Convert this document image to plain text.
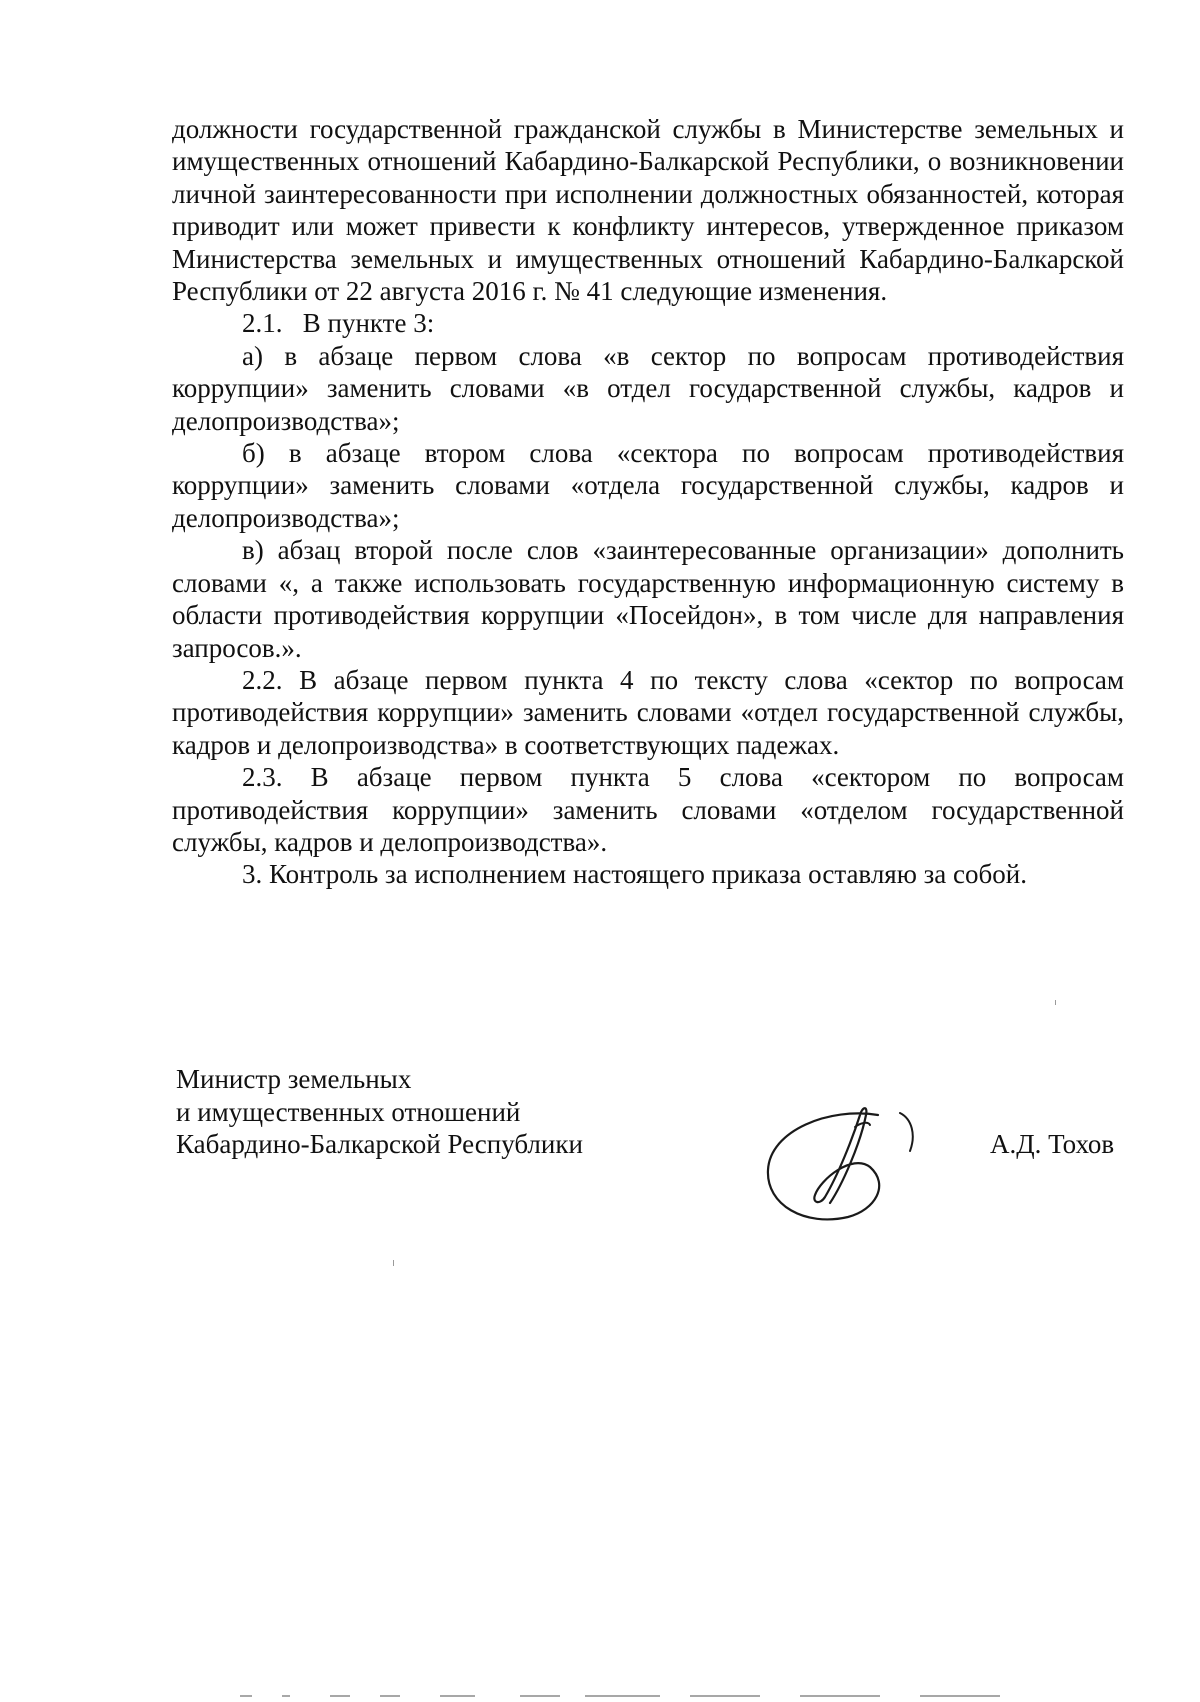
должности государственной гражданской службы в Министерстве земельных и имущественных отношений Кабардино-Балкарской Республики, о возникновении личной заинтересованности при исполнении должностных обязанностей, которая приводит или может привести к конфликту интересов, утвержденное приказом Министерства земельных и имущественных отношений Кабардино-Балкарской Республики от 22 августа 2016 г. № 41 следующие изменения.

2.1.   В пункте 3:

а) в абзаце первом слова «в сектор по вопросам противодействия коррупции» заменить словами «в отдел государственной службы, кадров и делопроизводства»;

б) в абзаце втором слова «сектора по вопросам противодействия коррупции» заменить словами «отдела государственной службы, кадров и делопроизводства»;

в) абзац второй после слов «заинтересованные организации» дополнить словами «, а также использовать государственную информационную систему в области противодействия коррупции «Посейдон», в том числе для направления запросов.».

2.2. В абзаце первом пункта 4 по тексту слова «сектор по вопросам противодействия коррупции» заменить словами «отдел государственной службы, кадров и делопроизводства» в соответствующих падежах.

2.3. В абзаце первом пункта 5 слова «сектором по вопросам противодействия коррупции» заменить словами «отделом государственной службы, кадров и делопроизводства».

3. Контроль за исполнением настоящего приказа оставляю за собой.

Министр земельных
и имущественных отношений
Кабардино-Балкарской Республики	А.Д. Тохов
